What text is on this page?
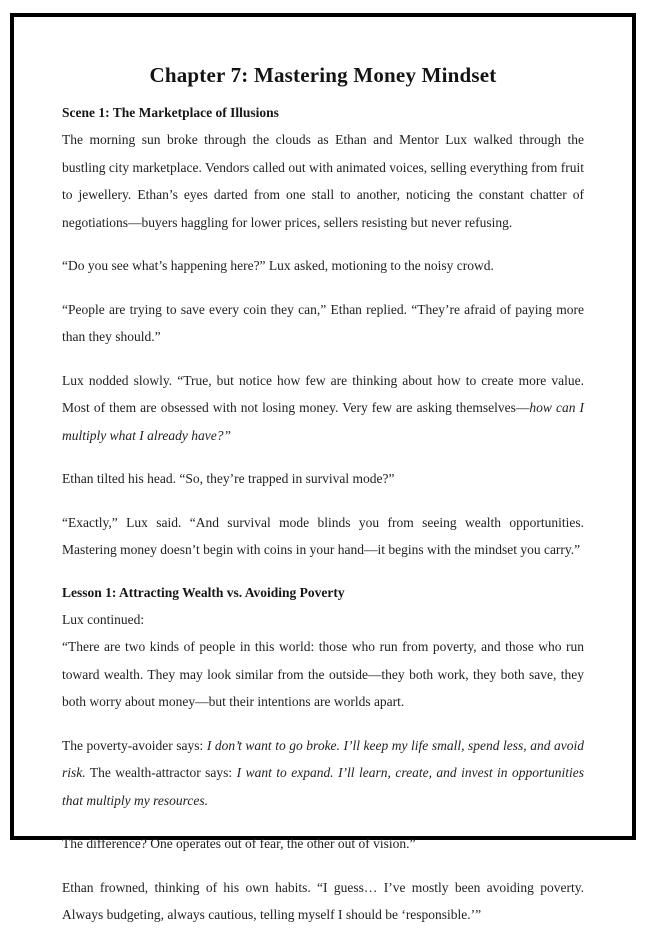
Chapter 7: Mastering Money Mindset
Scene 1: The Marketplace of Illusions

The morning sun broke through the clouds as Ethan and Mentor Lux walked through the bustling city marketplace. Vendors called out with animated voices, selling everything from fruit to jewellery. Ethan’s eyes darted from one stall to another, noticing the constant chatter of negotiations—buyers haggling for lower prices, sellers resisting but never refusing.

“Do you see what’s happening here?” Lux asked, motioning to the noisy crowd.

“People are trying to save every coin they can,” Ethan replied. “They’re afraid of paying more than they should.”

Lux nodded slowly. “True, but notice how few are thinking about how to create more value. Most of them are obsessed with not losing money. Very few are asking themselves—how can I multiply what I already have?”

Ethan tilted his head. “So, they’re trapped in survival mode?”

“Exactly,” Lux said. “And survival mode blinds you from seeing wealth opportunities. Mastering money doesn’t begin with coins in your hand—it begins with the mindset you carry.”

Lesson 1: Attracting Wealth vs. Avoiding Poverty

Lux continued:

“There are two kinds of people in this world: those who run from poverty, and those who run toward wealth. They may look similar from the outside—they both work, they both save, they both worry about money—but their intentions are worlds apart.

The poverty-avoider says: I don’t want to go broke. I’ll keep my life small, spend less, and avoid risk. The wealth-attractor says: I want to expand. I’ll learn, create, and invest in opportunities that multiply my resources.

The difference? One operates out of fear, the other out of vision.”

Ethan frowned, thinking of his own habits. “I guess… I’ve mostly been avoiding poverty. Always budgeting, always cautious, telling myself I should be ‘responsible.’”
